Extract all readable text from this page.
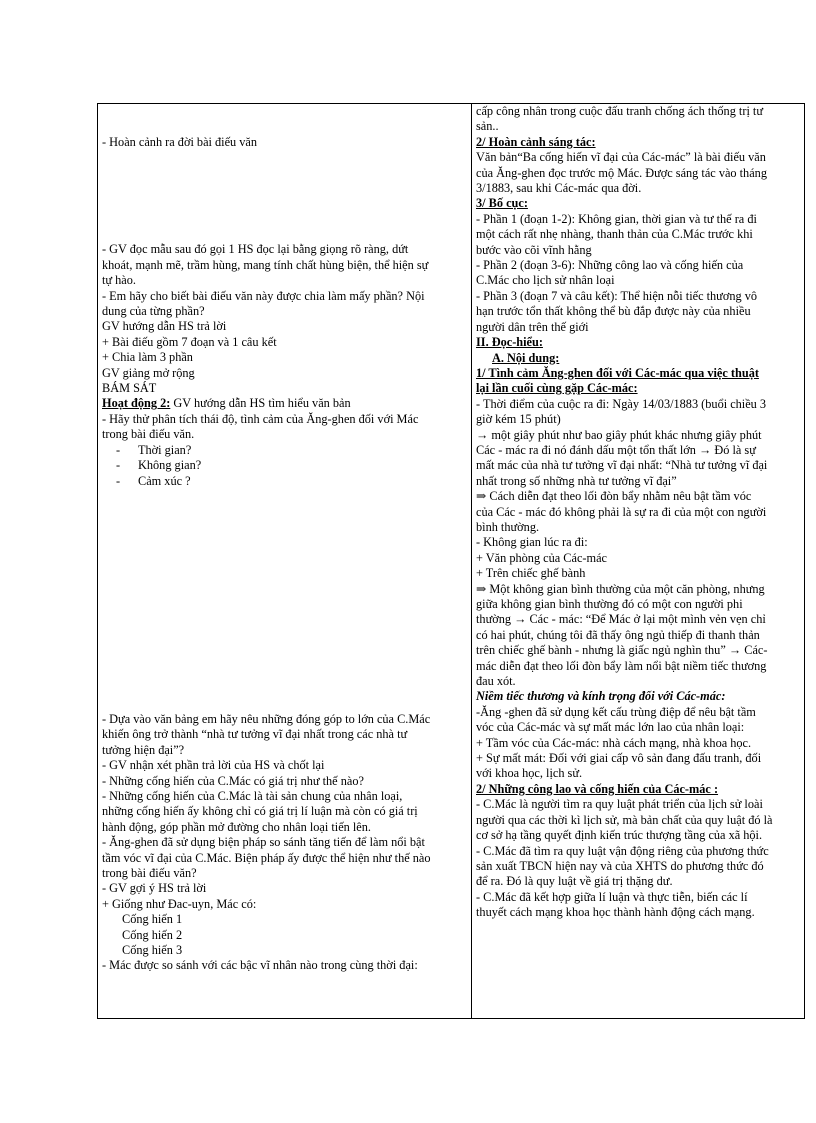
- Hoàn cảnh ra đời bài điếu văn
- GV đọc mẫu sau đó gọi 1 HS đọc lại bằng giọng rõ ràng, dứt
khoát, mạnh mẽ, trầm hùng, mang tính chất hùng biện, thể hiện sự
tự hào.
- Em hãy cho biết bài điếu văn này được chia làm mấy phần? Nội
dung của từng phần?
GV hướng dẫn HS trả lời
+ Bài điếu gồm 7 đoạn và 1 câu kết
+ Chia làm 3 phần
GV giảng mở rộng
BÁM SÁT
Hoạt động 2: GV hướng dẫn HS tìm hiểu văn bản
- Hãy thử phân tích thái độ, tình cảm của Ăng-ghen đối với Mác
trong bài điếu văn.
- Thời gian?
- Không gian?
- Cảm xúc ?
- Dựa vào văn bảng em hãy nêu những đóng góp to lớn của C.Mác
khiến ông trở thành “nhà tư tưởng vĩ đại nhất trong các nhà tư
tưởng hiện đại”?
- GV nhận xét phần trả lời của HS và chốt lại
- Những cống hiến của C.Mác có giá trị như thế nào?
- Những cống hiến của C.Mác là tài sản chung của nhân loại,
những cống hiến ấy không chỉ có giá trị lí luận mà còn có giá trị
hành động, góp phần mở đường cho nhân loại tiến lên.
- Ăng-ghen đã sử dụng biện pháp so sánh tăng tiến để làm nổi bật
tầm vóc vĩ đại của C.Mác. Biện pháp ấy được thể hiện như thế nào
trong bài điếu văn?
- GV gợi ý HS trả lời
+ Giống như Đac-uyn, Mác có:
Cống hiến 1
Cống hiến 2
Cống hiến 3
- Mác được so sánh với các bậc vĩ nhân nào trong cùng thời đại:
cấp công nhân trong cuộc đấu tranh chống ách thống trị tư
sản..
2/ Hoàn cảnh sáng tác:
Văn bản“Ba cống hiến vĩ đại của Các-mác” là bài điếu văn
của Ăng-ghen đọc trước mộ Mác. Được sáng tác vào tháng
3/1883, sau khi Các-mác qua đời.
3/ Bố cục:
- Phần 1 (đoạn 1-2): Không gian, thời gian và tư thế ra đi
một cách rất nhẹ nhàng, thanh thản của C.Mác trước khi
bước vào cõi vĩnh hằng
- Phần 2 (đoạn 3-6): Những công lao và cống hiến của
C.Mác cho lịch sử nhân loại
- Phần 3 (đoạn 7 và câu kết): Thể hiện nỗi tiếc thương vô
hạn trước tổn thất không thể bù đắp được này của nhiều
người dân trên thế giới
II. Đọc-hiểu:
A. Nội dung:
1/ Tình cảm Ăng-ghen đối với Các-mác qua việc thuật
lại lần cuối cùng gặp Các-mác:
- Thời điểm của cuộc ra đi: Ngày 14/03/1883 (buổi chiều 3
giờ kém 15 phút)
→ một giây phút như bao giây phút khác nhưng giây phút
Các - mác ra đi nó đánh dấu một tổn thất lớn → Đó là sự
mất mác của nhà tư tưởng vĩ đại nhất: “Nhà tư tưởng vĩ đại
nhất trong số những nhà tư tưởng vĩ đại”
⇒ Cách diễn đạt theo lối đòn bẩy nhằm nêu bật tầm vóc
của Các - mác đó không phải là sự ra đi của một con người
bình thường.
- Không gian lúc ra đi:
+ Văn phòng của Các-mác
+ Trên chiếc ghế bành
⇒ Một không gian bình thường của một căn phòng, nhưng
giữa không gian bình thường đó có một con người phi
thường → Các - mác: “Để Mác ở lại một mình vẻn vẹn chỉ
có hai phút, chúng tôi đã thấy ông ngủ thiếp đi thanh thản
trên chiếc ghế bành - nhưng là giấc ngủ nghìn thu” → Các-
mác diễn đạt theo lối đòn bẩy làm nổi bật niềm tiếc thương
đau xót.
Niềm tiếc thương và kính trọng đối với Các-mác:
-Ăng -ghen đã sử dụng kết cấu trùng điệp để nêu bật tầm
vóc của Các-mác và sự mất mác lớn lao của nhân loại:
+ Tầm vóc của Các-mác: nhà cách mạng, nhà khoa học.
+ Sự mất mát: Đối với giai cấp vô sản đang đấu tranh, đối
với khoa học, lịch sử.
2/ Những công lao và cống hiến của Các-mác :
- C.Mác là người tìm ra quy luật phát triển của lịch sử loài
người qua các thời kì lịch sử, mà bản chất của quy luật đó là
cơ sở hạ tầng quyết định kiến trúc thượng tầng của xã hội.
- C.Mác đã tìm ra quy luật vận động riêng của phương thức
sản xuất TBCN hiện nay và của XHTS do phương thức đó
để ra. Đó là quy luật về giá trị thặng dư.
- C.Mác đã kết hợp giữa lí luận và thực tiễn, biến các lí
thuyết cách mạng khoa học thành hành động cách mạng.
